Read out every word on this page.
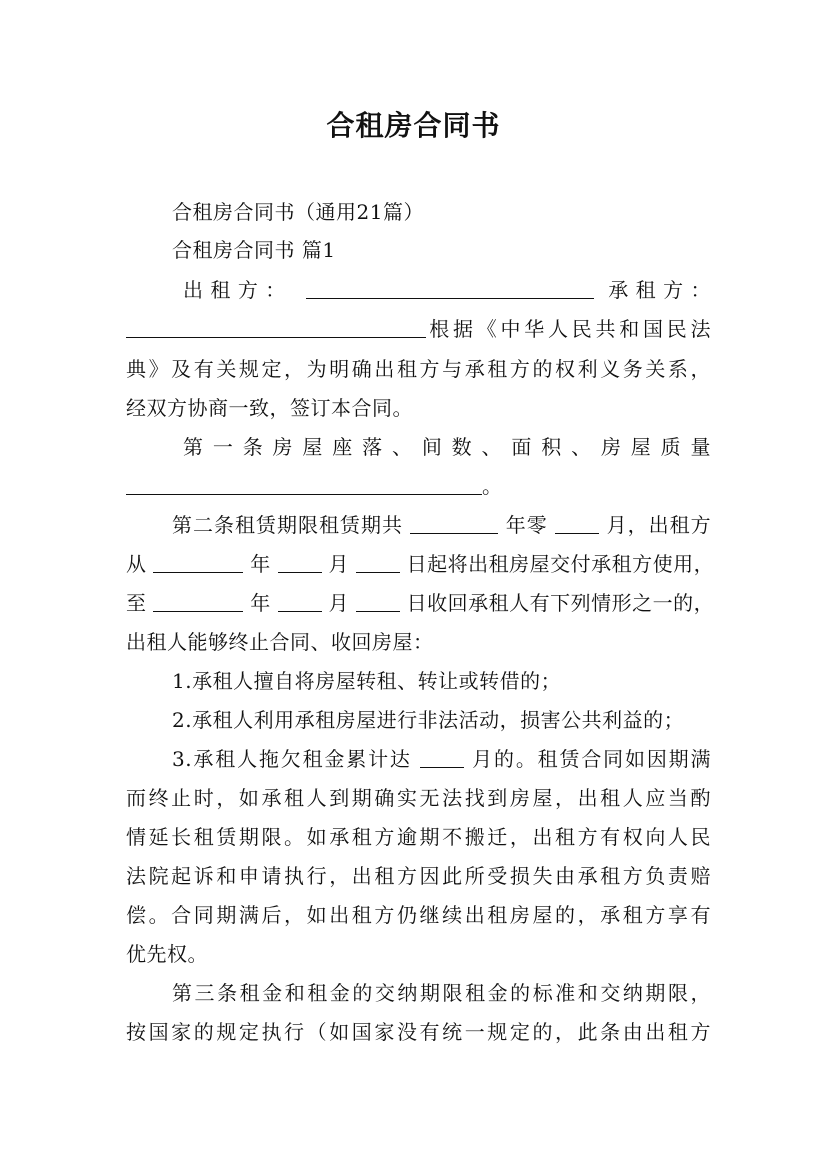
合租房合同书
合租房合同书（通用21篇）
合租房合同书 篇1
出租方：	承租方：
根据《中华人民共和国民法
典》及有关规定，为明确出租方与承租方的权利义务关系，
经双方协商一致，签订本合同。
第一条房屋座落、间数、面积、房屋质量
。
第二条租赁期限租赁期共	年零	月，出租方
从	年	月	日起将出租房屋交付承租方使用，
至	年	月	日收回承租人有下列情形之一的，
出租人能够终止合同、收回房屋：
1.承租人擅自将房屋转租、转让或转借的；
2.承租人利用承租房屋进行非法活动，损害公共利益的；
3.承租人拖欠租金累计达	月的。租赁合同如因期满
而终止时，如承租人到期确实无法找到房屋，出租人应当酌
情延长租赁期限。如承租方逾期不搬迁，出租方有权向人民
法院起诉和申请执行，出租方因此所受损失由承租方负责赔
偿。合同期满后，如出租方仍继续出租房屋的，承租方享有
优先权。
第三条租金和租金的交纳期限租金的标准和交纳期限，
按国家的规定执行（如国家没有统一规定的，此条由出租方
